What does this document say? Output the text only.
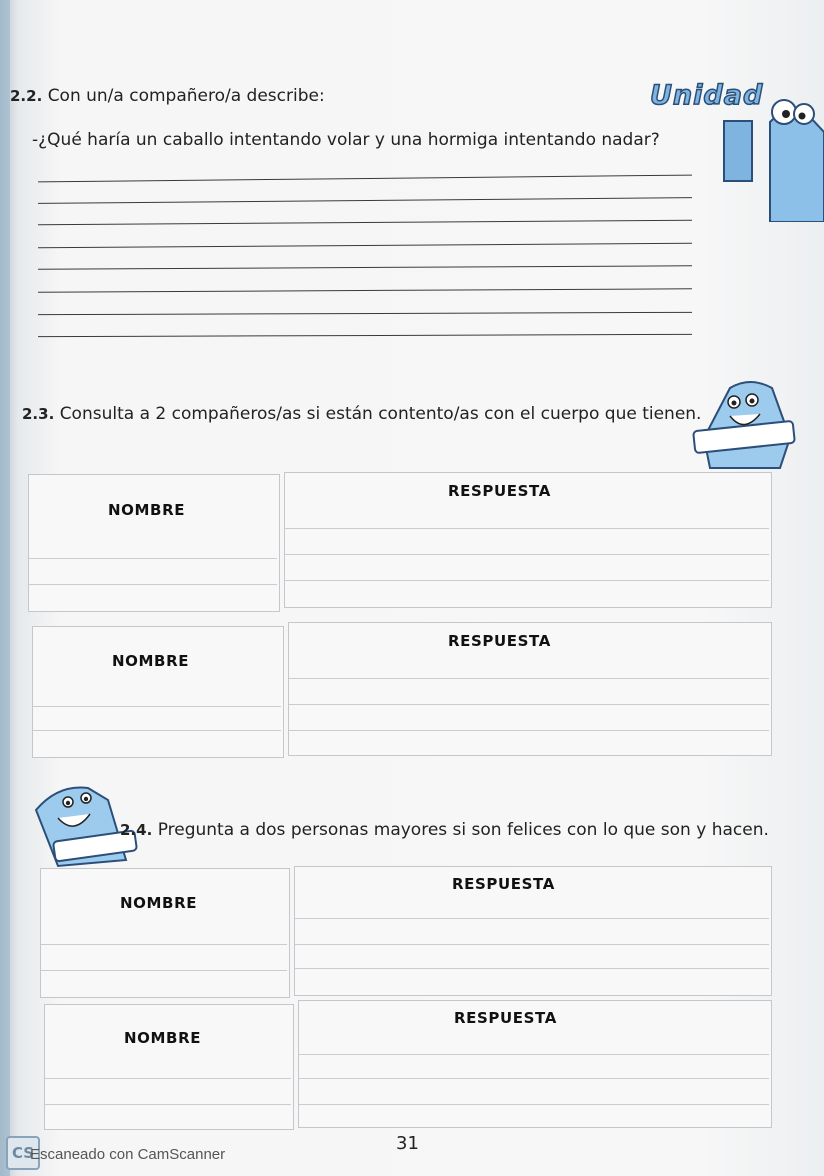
Unidad
2.2. Con un/a compañero/a describe:
-¿Qué haría un caballo intentando volar y una hormiga intentando nadar?
2.3. Consulta a 2 compañeros/as si están contento/as con el cuerpo que tienen.
NOMBRE
RESPUESTA
NOMBRE
RESPUESTA
2.4. Pregunta a dos personas mayores si son felices con lo que son y hacen.
NOMBRE
RESPUESTA
NOMBRE
RESPUESTA
31
CS
Escaneado con CamScanner
